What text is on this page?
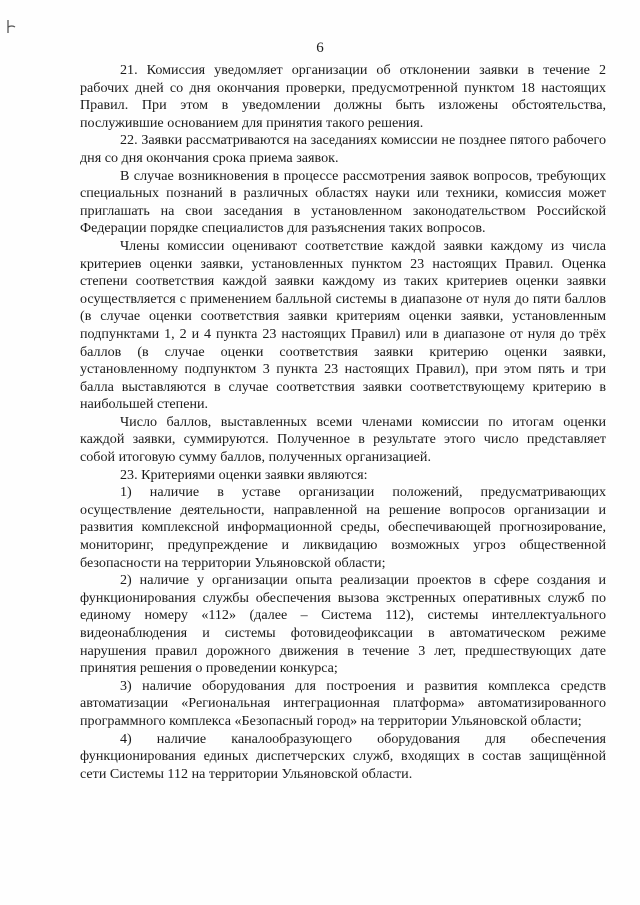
6

21. Комиссия уведомляет организации об отклонении заявки в течение 2 рабочих дней со дня окончания проверки, предусмотренной пунктом 18 настоящих Правил. При этом в уведомлении должны быть изложены обстоятельства, послужившие основанием для принятия такого решения.

22. Заявки рассматриваются на заседаниях комиссии не позднее пятого рабочего дня со дня окончания срока приема заявок.

В случае возникновения в процессе рассмотрения заявок вопросов, требующих специальных познаний в различных областях науки или техники, комиссия может приглашать на свои заседания в установленном законодательством Российской Федерации порядке специалистов для разъяснения таких вопросов.

Члены комиссии оценивают соответствие каждой заявки каждому из числа критериев оценки заявки, установленных пунктом 23 настоящих Правил. Оценка степени соответствия каждой заявки каждому из таких критериев оценки заявки осуществляется с применением балльной системы в диапазоне от нуля до пяти баллов (в случае оценки соответствия заявки критериям оценки заявки, установленным подпунктами 1, 2 и 4 пункта 23 настоящих Правил) или в диапазоне от нуля до трёх баллов (в случае оценки соответствия заявки критерию оценки заявки, установленному подпунктом 3 пункта 23 настоящих Правил), при этом пять и три балла выставляются в случае соответствия заявки соответствующему критерию в наибольшей степени.

Число баллов, выставленных всеми членами комиссии по итогам оценки каждой заявки, суммируются. Полученное в результате этого число представляет собой итоговую сумму баллов, полученных организацией.

23. Критериями оценки заявки являются:

1) наличие в уставе организации положений, предусматривающих осуществление деятельности, направленной на решение вопросов организации и развития комплексной информационной среды, обеспечивающей прогнозирование, мониторинг, предупреждение и ликвидацию возможных угроз общественной безопасности на территории Ульяновской области;

2) наличие у организации опыта реализации проектов в сфере создания и функционирования службы обеспечения вызова экстренных оперативных служб по единому номеру «112» (далее – Система 112), системы интеллектуального видеонаблюдения и системы фотовидеофиксации в автоматическом режиме нарушения правил дорожного движения в течение 3 лет, предшествующих дате принятия решения о проведении конкурса;

3) наличие оборудования для построения и развития комплекса средств автоматизации «Региональная интеграционная платформа» автоматизированного программного комплекса «Безопасный город» на территории Ульяновской области;

4) наличие каналообразующего оборудования для обеспечения функционирования единых диспетчерских служб, входящих в состав защищённой сети Системы 112 на территории Ульяновской области.
